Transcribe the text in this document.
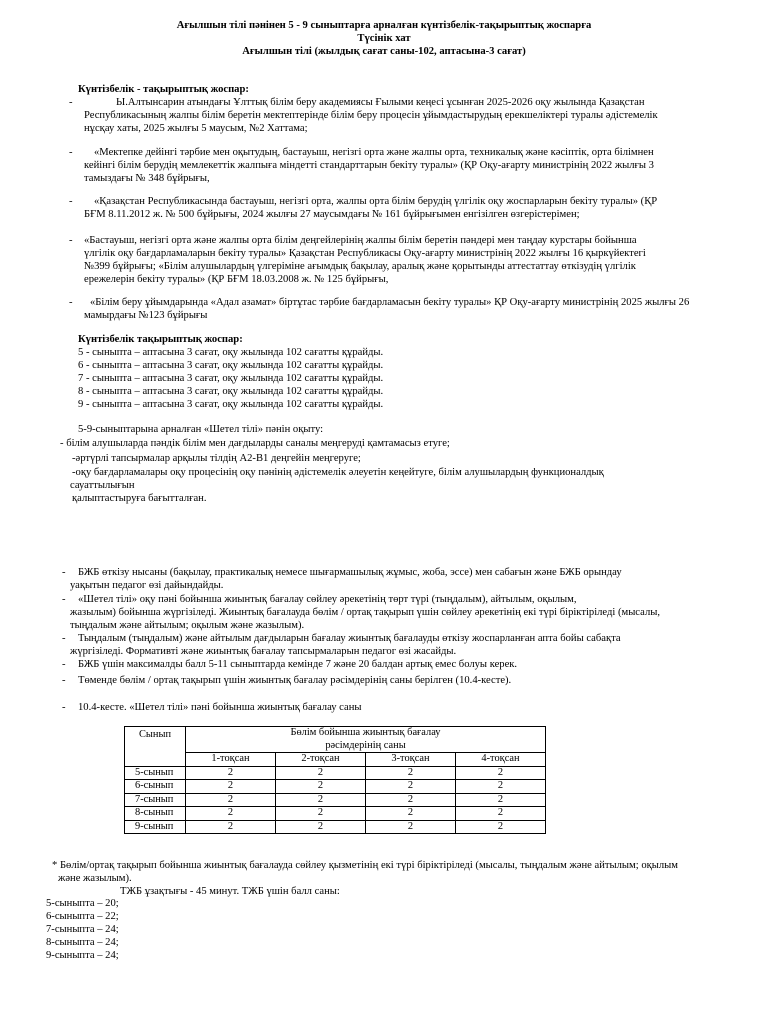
Ағылшын тілі пәнінен 5 - 9 сыныптарға арналған күнтізбелік-тақырыптық жоспарға
Түсінік хат
Ағылшын тілі (жылдық сағат саны-102, аптасына-3 сағат)
Күнтізбелік - тақырыптық жоспар:
-	Ы.Алтынсарин атындағы Ұлттық білім беру академиясы Ғылыми кеңесі ұсынған 2025-2026 оқу жылында Қазақстан
Республикасының жалпы білім беретін мектептерінде білім беру процесін ұйымдастырудың ерекшеліктері туралы әдістемелік
нұсқау хаты, 2025 жылғы 5 маусым, №2 Хаттама;
-	«Мектепке дейінгі тәрбие мен оқытудың, бастауыш, негізгі орта және жалпы орта, техникалық және кәсіптік, орта білімнен
кейінгі білім берудің мемлекеттік жалпыға міндетті стандарттарын бекіту туралы» (ҚР Оқу-ағарту министрінің 2022 жылғы 3
тамыздағы № 348 бұйрығы,
-	«Қазақстан Республикасында бастауыш, негізгі орта, жалпы орта білім берудің үлгілік оқу жоспарларын бекіту туралы» (ҚР
БҒМ 8.11.2012 ж. № 500 бұйрығы, 2024 жылғы 27 маусымдағы № 161 бұйрығымен енгізілген өзгерістерімен;
- «Бастауыш, негізгі орта және жалпы орта білім деңгейлерінің жалпы білім беретін пәндері мен таңдау курстары бойынша
үлгілік оқу бағдарламаларын бекіту туралы» Қазақстан Республикасы Оқу-ағарту министрінің 2022 жылғы 16 қыркүйектегі
№399 бұйрығы; «Білім алушылардың үлгеріміне ағымдық бақылау, аралық және қорытынды аттестаттау өткізудің үлгілік
ережелерін бекіту туралы» (ҚР БҒМ 18.03.2008 ж. № 125 бұйрығы,
-	«Білім беру ұйымдарында «Адал азамат» біртұтас тәрбие бағдарламасын бекіту туралы» ҚР Оқу-ағарту министрінің 2025 жылғы 26
мамырдағы №123 бұйрығы
Күнтізбелік тақырыптық жоспар:
5 - сыныпта – аптасына 3 сағат, оқу жылында 102 сағатты құрайды.
6 - сыныпта – аптасына 3 сағат, оқу жылында 102 сағатты құрайды.
7 - сыныпта – аптасына 3 сағат, оқу жылында 102 сағатты құрайды.
8 - сыныпта – аптасына 3 сағат, оқу жылында 102 сағатты құрайды.
9 - сыныпта – аптасына 3 сағат, оқу жылында 102 сағатты құрайды.
5-9-сыныптарына арналған «Шетел тілі» пәнін оқыту:
- білім алушыларда пәндік білім мен дағдыларды саналы меңгеруді қамтамасыз етуге;
-әртүрлі тапсырмалар арқылы тілдің А2-В1 деңгейін меңгеруге;
-оқу бағдарламалары оқу процесінің оқу пәнінің әдістемелік әлеуетін кеңейтуге, білім алушылардың функционалдық
сауаттылығын
қалыптастыруға бағытталған.
-	БЖБ өткізу нысаны (бақылау, практикалық немесе шығармашылық жұмыс, жоба, эссе) мен сабағын және БЖБ орындау
уақытын педагог өзі дайындайды.
-	«Шетел тілі» оқу пәні бойынша жиынтық бағалау сөйлеу әрекетінің төрт түрі (тыңдалым), айтылым, оқылым,
жазылым) бойынша жүргізіледі. Жиынтық бағалауда бөлім / ортақ тақырып үшін сөйлеу әрекетінің екі түрі біріктіріледі (мысалы,
тыңдалым және айтылым; оқылым және жазылым).
-	Тыңдалым (тыңдалым) және айтылым дағдыларын бағалау жиынтық бағалауды өткізу жоспарланған апта бойы сабақта
жүргізіледі. Формативті және жиынтық бағалау тапсырмаларын педагог өзі жасайды.
-	БЖБ үшін максималды балл 5-11 сыныптарда кемінде 7 және 20 балдан артық емес болуы керек.
-	Төменде бөлім / ортақ тақырып үшін жиынтық бағалау рәсімдерінің саны берілген (10.4-кесте).
- 10.4-кесте. «Шетел тілі» пәні бойынша жиынтық бағалау саны
Сынып	Бөлім бойынша жиынтық бағалау
рәсімдерінің саны			

	1-тоқсан	2-тоқсан	3-тоқсан	4-тоқсан
5-сынып	2	2	2	2
6-сынып	2	2	2	2
7-сынып	2	2	2	2
8-сынып	2	2	2	2
9-сынып	2	2	2	2
* Бөлім/ортақ тақырып бойынша жиынтық бағалауда сөйлеу қызметінің екі түрі біріктіріледі (мысалы, тыңдалым және айтылым; оқылым
және жазылым).
ТЖБ ұзақтығы - 45 минут. ТЖБ үшін балл саны:
5-сыныпта – 20;
6-сыныпта – 22;
7-сыныпта – 24;
8-сыныпта – 24;
9-сыныпта – 24;
